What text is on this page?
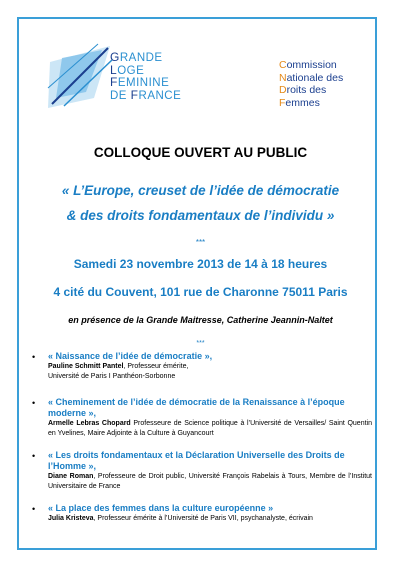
GRANDE
LOGE
FEMININE
DE FRANCE
Commission
Nationale des
Droits des
Femmes
COLLOQUE OUVERT AU PUBLIC
« L’Europe, creuset de l’idée de démocratie
& des droits fondamentaux de l’individu »
***
Samedi 23 novembre 2013 de 14 à 18 heures
4 cité du Couvent, 101 rue de Charonne 75011 Paris
en présence de la Grande Maitresse, Catherine Jeannin-Naltet
***
• « Naissance de l’idée de démocratie »,
Pauline Schmitt Pantel, Professeur émérite,
Université de Paris I Panthéon-Sorbonne
• « Cheminement de l’idée de démocratie de la Renaissance à l’époque moderne »,
Armelle Lebras Chopard Professeure de Science politique à l’Université de Versailles/ Saint Quentin en Yvelines, Maire Adjointe à la Culture à Guyancourt
• « Les droits fondamentaux et la Déclaration Universelle des Droits de l’Homme »,
Diane Roman, Professeure de Droit public, Université François Rabelais à Tours, Membre de l’Institut Universitaire de France
• « La place des femmes dans la culture européenne »
Julia Kristeva, Professeur émérite à l’Université de Paris VII, psychanalyste, écrivain
